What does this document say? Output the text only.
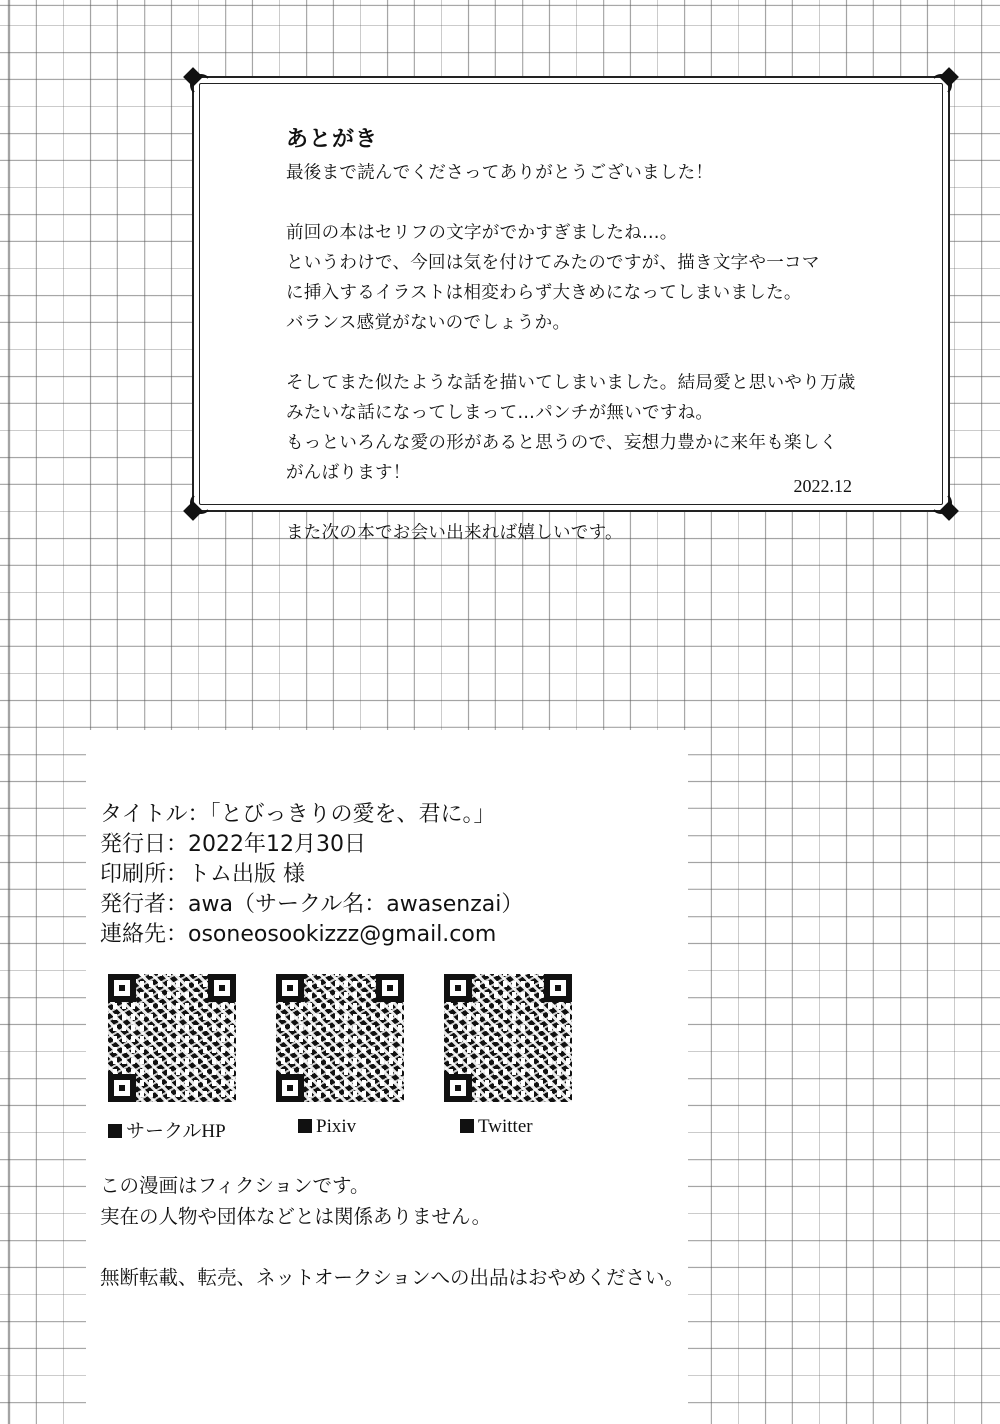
あとがき

最後まで読んでくださってありがとうございました！

前回の本はセリフの文字がでかすぎましたね…。
というわけで、今回は気を付けてみたのですが、描き文字や一コマ
に挿入するイラストは相変わらず大きめになってしまいました。
バランス感覚がないのでしょうか。

そしてまた似たような話を描いてしまいました。結局愛と思いやり万歳
みたいな話になってしまって…パンチが無いですね。
もっといろんな愛の形があると思うので、妄想力豊かに来年も楽しく
がんばります！

また次の本でお会い出来れば嬉しいです。

2022.12
タイトル：「とびっきりの愛を、君に。」
発行日：2022年12月30日
印刷所：トム出版 様
発行者：awa（サークル名：awasenzai）
連絡先：osoneosookizzz@gmail.com
サークルHP	Pixiv	Twitter
この漫画はフィクションです。
実在の人物や団体などとは関係ありません。
無断転載、転売、ネットオークションへの出品はおやめください。
